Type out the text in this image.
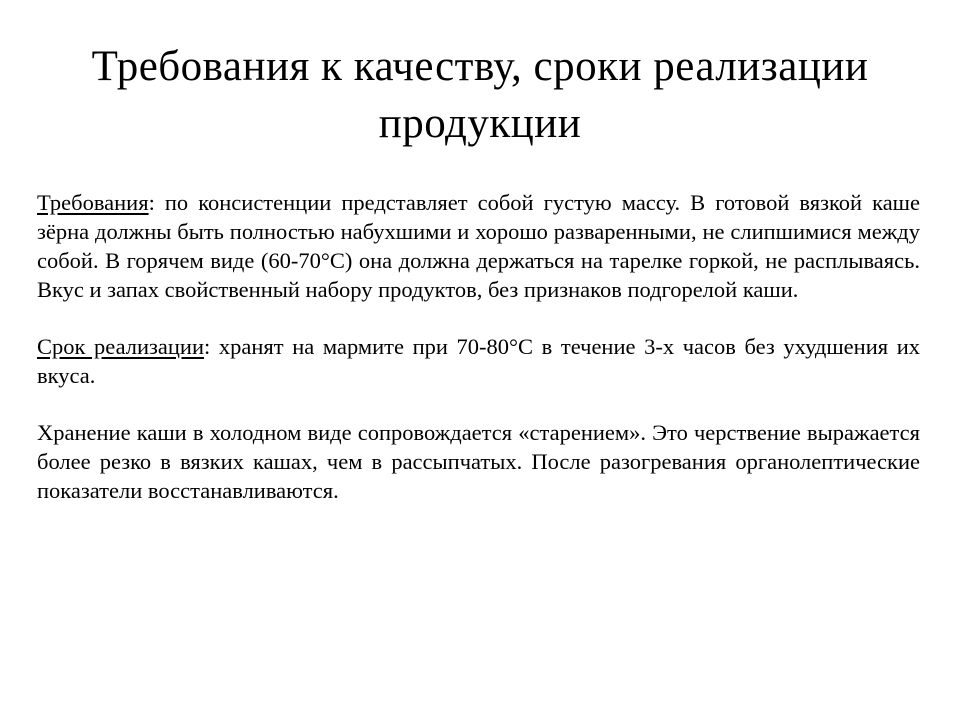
Требования к качеству, сроки реализации продукции

Требования: по консистенции представляет собой густую массу. В готовой вязкой каше зёрна должны быть полностью набухшими и хорошо разваренными, не слипшимися между собой. В горячем виде (60-70°С) она должна держаться на тарелке горкой, не расплываясь. Вкус и запах свойственный набору продуктов, без признаков подгорелой каши.

Срок реализации: хранят на мармите при 70-80°С в течение 3-х часов без ухудшения их вкуса.

Хранение каши в холодном виде сопровождается «старением». Это черствение выражается более резко в вязких кашах, чем в рассыпчатых. После разогревания органолептические показатели восстанавливаются.
